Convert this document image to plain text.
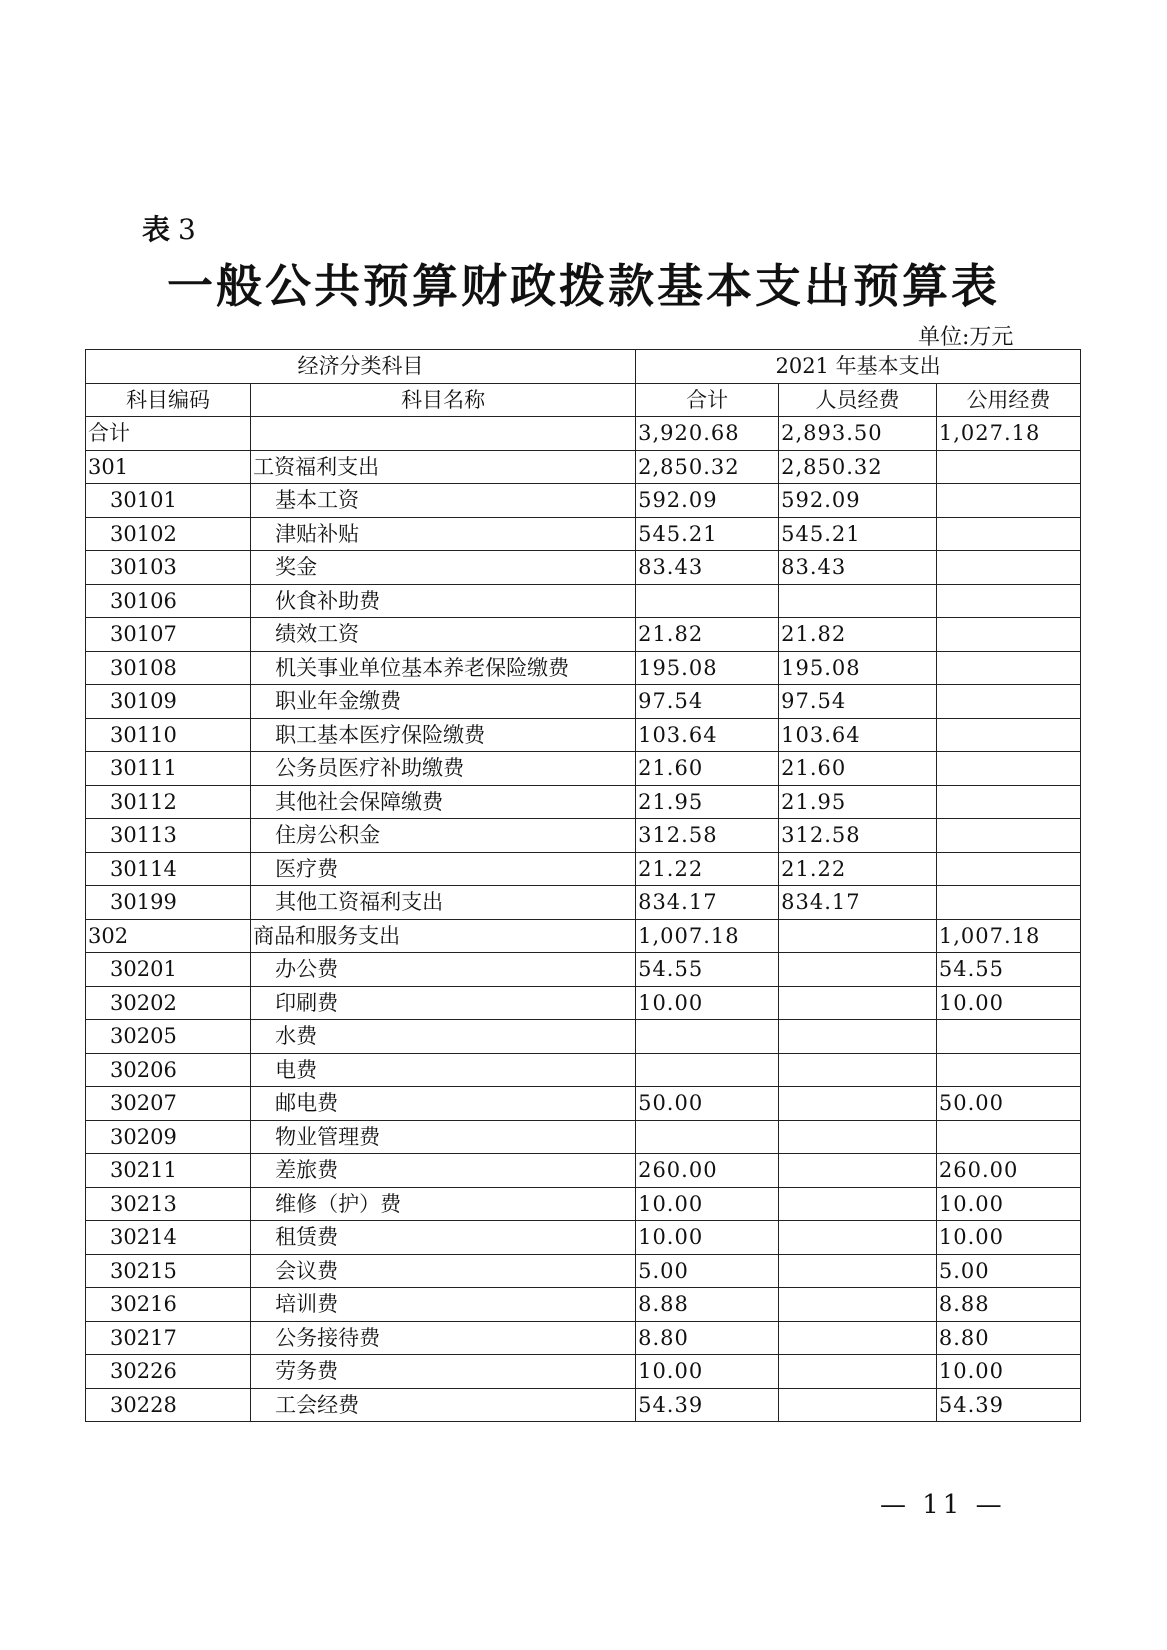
表 3
一般公共预算财政拨款基本支出预算表
单位:万元
经济分类科目		2021 年基本支出		
科目编码	科目名称	合计	人员经费	公用经费
合计		3,920.68	2,893.50	1,027.18
301	工资福利支出	2,850.32	2,850.32	
30101	基本工资	592.09	592.09	
30102	津贴补贴	545.21	545.21	
30103	奖金	83.43	83.43	
30106	伙食补助费			
30107	绩效工资	21.82	21.82	
30108	机关事业单位基本养老保险缴费	195.08	195.08	
30109	职业年金缴费	97.54	97.54	
30110	职工基本医疗保险缴费	103.64	103.64	
30111	公务员医疗补助缴费	21.60	21.60	
30112	其他社会保障缴费	21.95	21.95	
30113	住房公积金	312.58	312.58	
30114	医疗费	21.22	21.22	
30199	其他工资福利支出	834.17	834.17	
302	商品和服务支出	1,007.18		1,007.18
30201	办公费	54.55		54.55
30202	印刷费	10.00		10.00
30205	水费			
30206	电费			
30207	邮电费	50.00		50.00
30209	物业管理费			
30211	差旅费	260.00		260.00
30213	维修（护）费	10.00		10.00
30214	租赁费	10.00		10.00
30215	会议费	5.00		5.00
30216	培训费	8.88		8.88
30217	公务接待费	8.80		8.80
30226	劳务费	10.00		10.00
30228	工会经费	54.39		54.39
— 11 —
